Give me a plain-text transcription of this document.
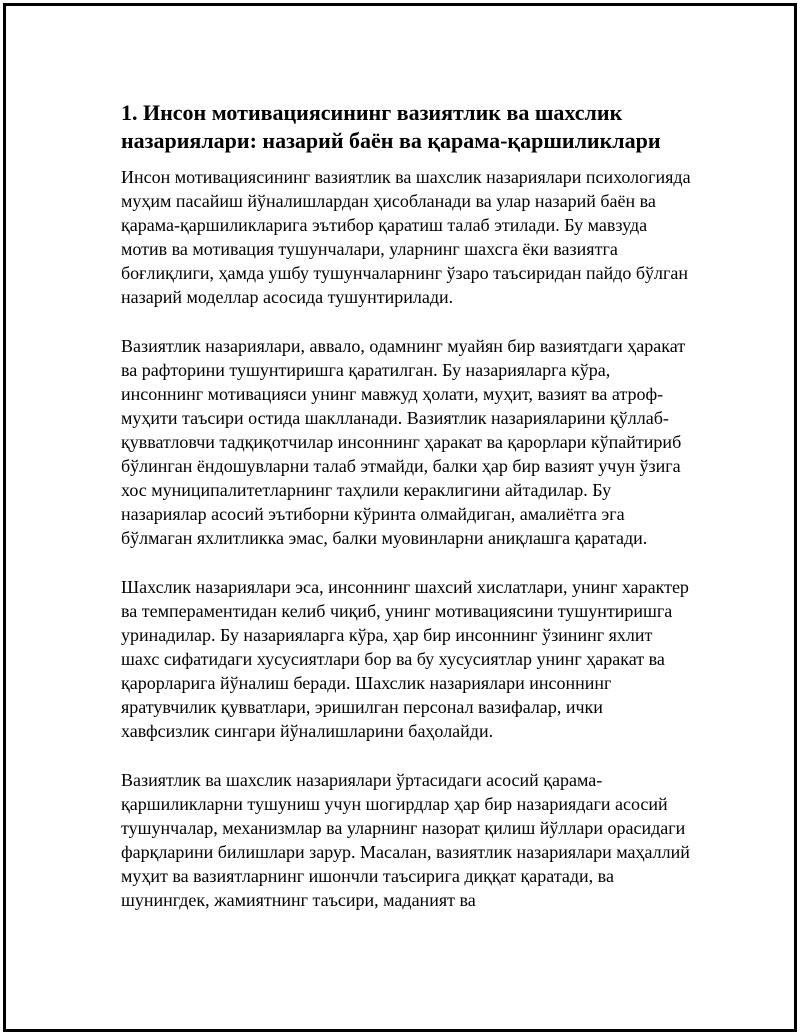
1. Инсон мотивациясининг вазиятлик ва шахслик назариялари: назарий баён ва қарама-қаршиликлари

Инсон мотивациясининг вазиятлик ва шахслик назариялари психологияда муҳим пасайиш йўналишлардан ҳисобланади ва улар назарий баён ва қарама-қаршиликларига эътибор қаратиш талаб этилади. Бу мавзуда мотив ва мотивация тушунчалари, уларнинг шахсга ёки вазиятга боғлиқлиги, ҳамда ушбу тушунчаларнинг ўзаро таъсиридан пайдо бўлган назарий моделлар асосида тушунтирилади.

Вазиятлик назариялари, аввало, одамнинг муайян бир вазиятдаги ҳаракат ва рафторини тушунтиришга қаратилган. Бу назарияларга кўра, инсоннинг мотивацияси унинг мавжуд ҳолати, муҳит, вазият ва атроф-муҳити таъсири остида шаклланади. Вазиятлик назарияларини қўллаб-қувватловчи тадқиқотчилар инсоннинг ҳаракат ва қарорлари кўпайтириб бўлинган ёндошувларни талаб этмайди, балки ҳар бир вазият учун ўзига хос муниципалитетларнинг таҳлили кераклигини айтадилар. Бу назариялар асосий эътиборни кўринта олмайдиган, амалиётга эга бўлмаган яхлитликка эмас, балки муовинларни аниқлашга қаратади.

Шахслик назариялари эса, инсоннинг шахсий хислатлари, унинг характер ва темпераментидан келиб чиқиб, унинг мотивациясини тушунтиришга уринадилар. Бу назарияларга кўра, ҳар бир инсоннинг ўзининг яхлит шахс сифатидаги хусусиятлари бор ва бу хусусиятлар унинг ҳаракат ва қарорларига йўналиш беради. Шахслик назариялари инсоннинг яратувчилик қувватлари, эришилган персонал вазифалар, ички хавфсизлик сингари йўналишларини баҳолайди.

Вазиятлик ва шахслик назариялари ўртасидаги асосий қарама-қаршиликларни тушуниш учун шогирдлар ҳар бир назариядаги асосий тушунчалар, механизмлар ва уларнинг назорат қилиш йўллари орасидаги фарқларини билишлари зарур. Масалан, вазиятлик назариялари маҳаллий муҳит ва вазиятларнинг ишончли таъсирига диққат қаратади, ва шунингдек, жамиятнинг таъсири, маданият ва
